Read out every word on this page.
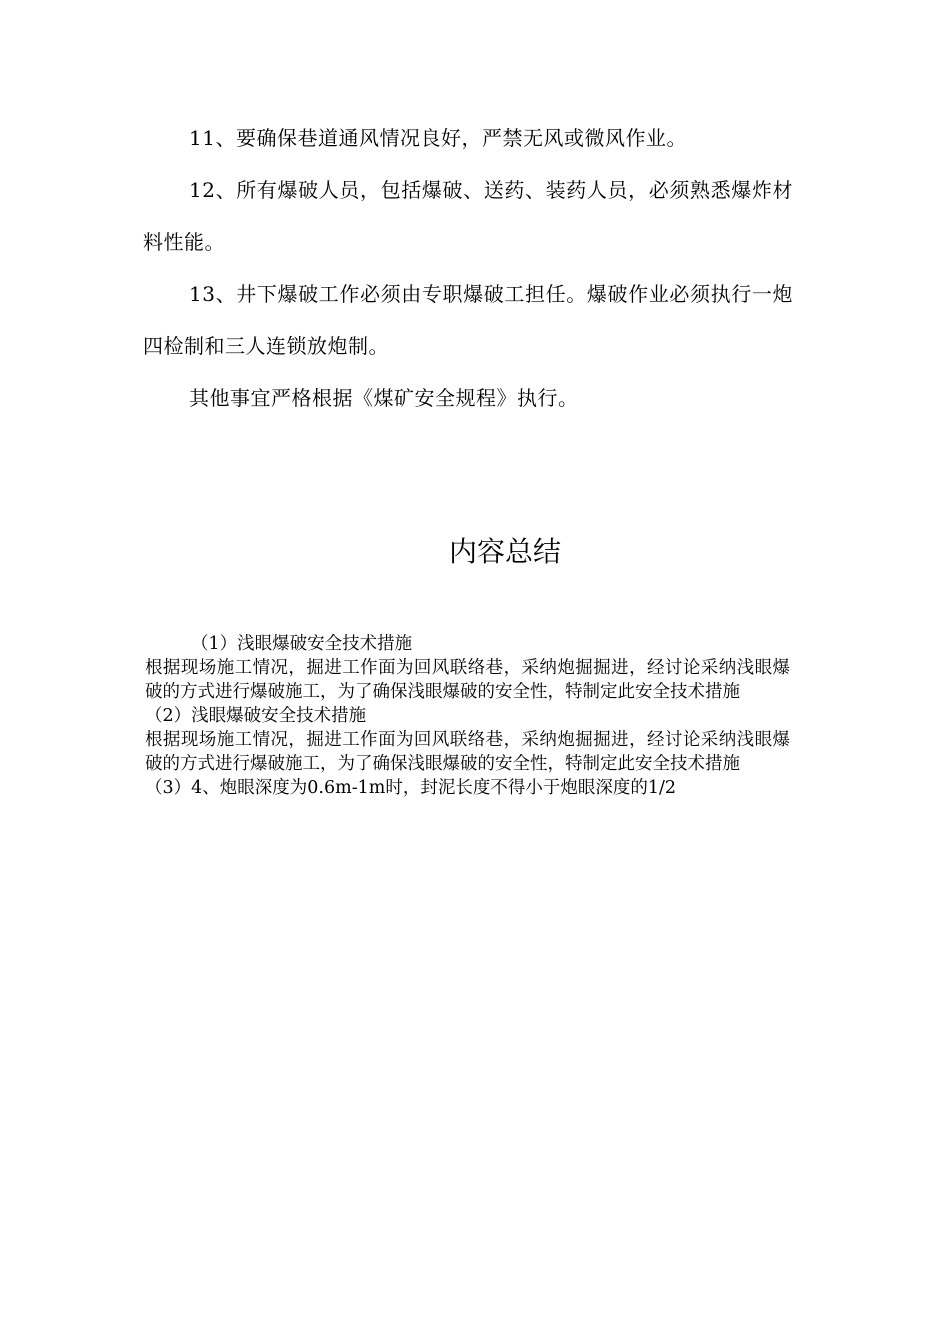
11、要确保巷道通风情况良好，严禁无风或微风作业。

12、所有爆破人员，包括爆破、送药、装药人员，必须熟悉爆炸材料性能。

13、井下爆破工作必须由专职爆破工担任。爆破作业必须执行一炮四检制和三人连锁放炮制。

其他事宜严格根据《煤矿安全规程》执行。

内容总结

（1）浅眼爆破安全技术措施

根据现场施工情况，掘进工作面为回风联络巷，采纳炮掘掘进，经讨论采纳浅眼爆破的方式进行爆破施工，为了确保浅眼爆破的安全性，特制定此安全技术措施

（2）浅眼爆破安全技术措施

根据现场施工情况，掘进工作面为回风联络巷，采纳炮掘掘进，经讨论采纳浅眼爆破的方式进行爆破施工，为了确保浅眼爆破的安全性，特制定此安全技术措施

（3）4、炮眼深度为0.6m-1m时，封泥长度不得小于炮眼深度的1/2
